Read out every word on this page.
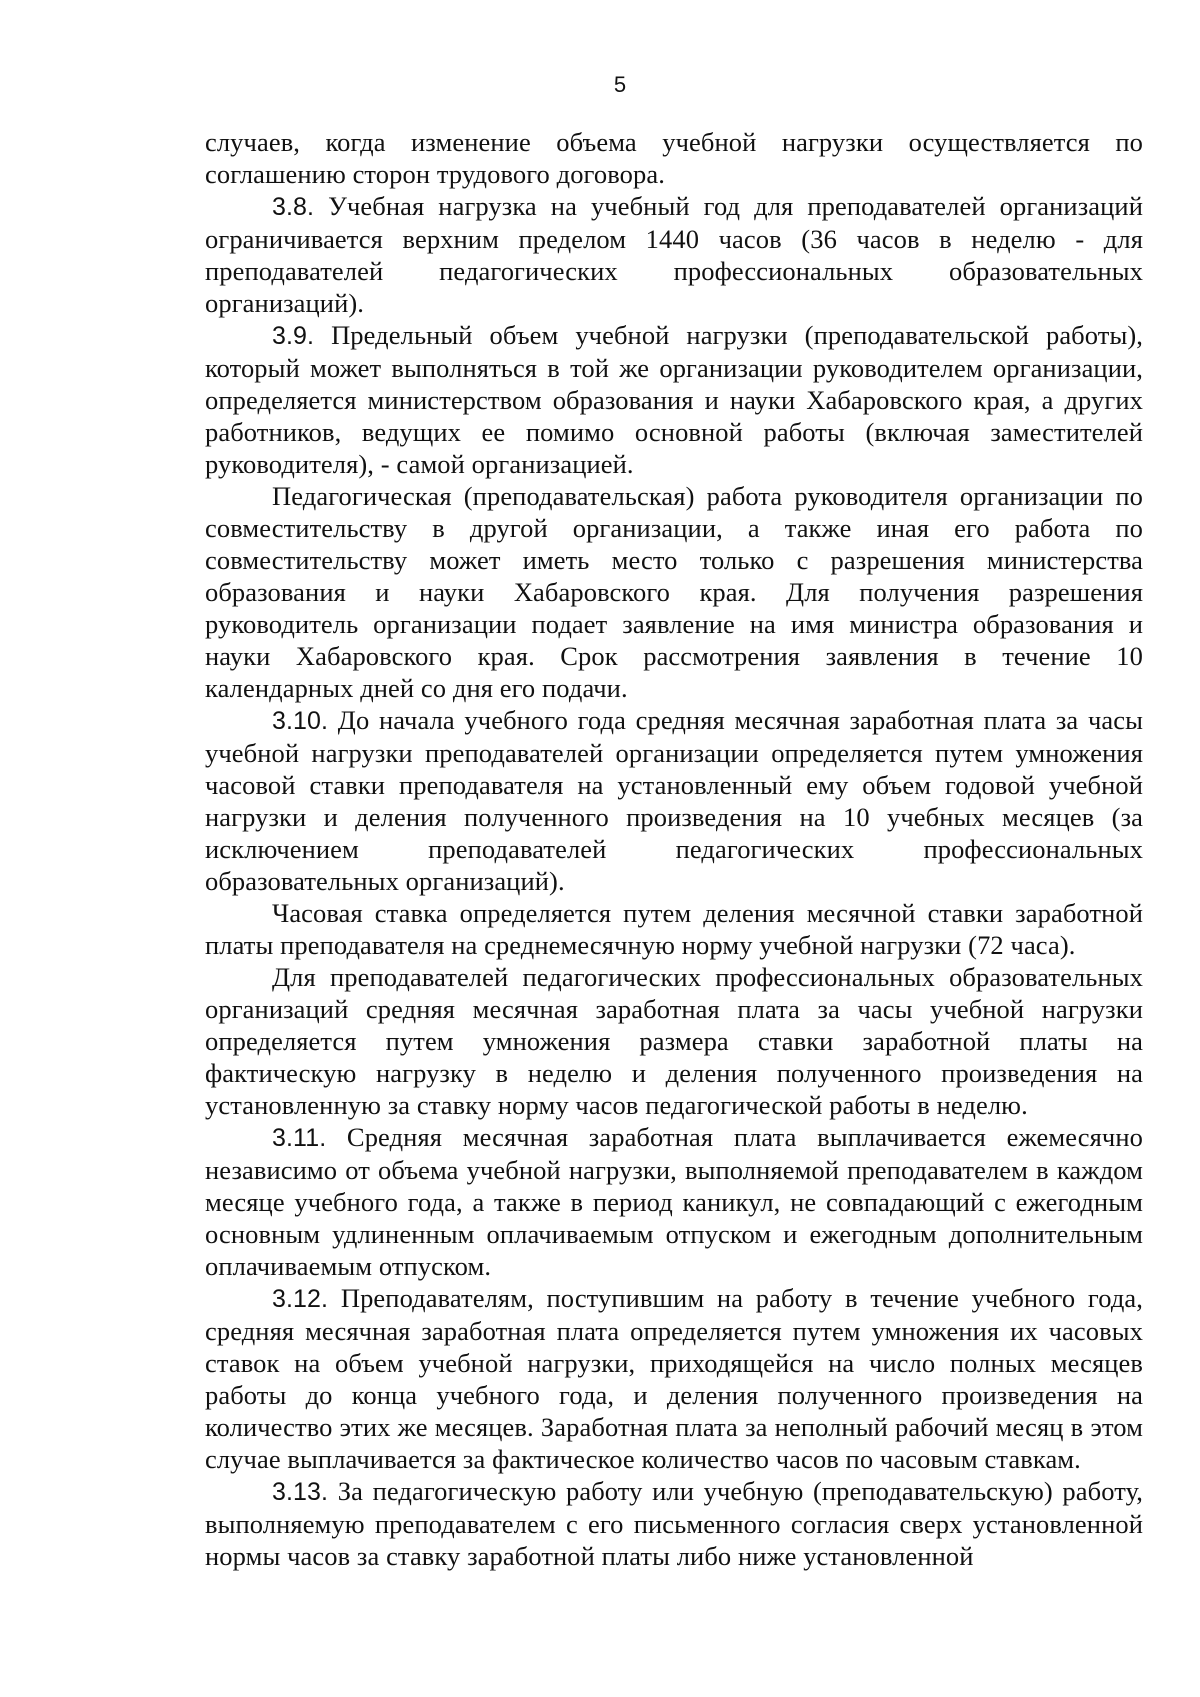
5

случаев, когда изменение объема учебной нагрузки осуществляется по соглашению сторон трудового договора.

3.8. Учебная нагрузка на учебный год для преподавателей организаций ограничивается верхним пределом 1440 часов (36 часов в неделю - для преподавателей педагогических профессиональных образовательных организаций).

3.9. Предельный объем учебной нагрузки (преподавательской работы), который может выполняться в той же организации руководителем организации, определяется министерством образования и науки Хабаровского края, а других работников, ведущих ее помимо основной работы (включая заместителей руководителя), - самой организацией.

Педагогическая (преподавательская) работа руководителя организации по совместительству в другой организации, а также иная его работа по совместительству может иметь место только с разрешения министерства образования и науки Хабаровского края. Для получения разрешения руководитель организации подает заявление на имя министра образования и науки Хабаровского края. Срок рассмотрения заявления в течение 10 календарных дней со дня его подачи.

3.10. До начала учебного года средняя месячная заработная плата за часы учебной нагрузки преподавателей организации определяется путем умножения часовой ставки преподавателя на установленный ему объем годовой учебной нагрузки и деления полученного произведения на 10 учебных месяцев (за исключением преподавателей педагогических профессиональных образовательных организаций).

Часовая ставка определяется путем деления месячной ставки заработной платы преподавателя на среднемесячную норму учебной нагрузки (72 часа).

Для преподавателей педагогических профессиональных образовательных организаций средняя месячная заработная плата за часы учебной нагрузки определяется путем умножения размера ставки заработной платы на фактическую нагрузку в неделю и деления полученного произведения на установленную за ставку норму часов педагогической работы в неделю.

3.11. Средняя месячная заработная плата выплачивается ежемесячно независимо от объема учебной нагрузки, выполняемой преподавателем в каждом месяце учебного года, а также в период каникул, не совпадающий с ежегодным основным удлиненным оплачиваемым отпуском и ежегодным дополнительным оплачиваемым отпуском.

3.12. Преподавателям, поступившим на работу в течение учебного года, средняя месячная заработная плата определяется путем умножения их часовых ставок на объем учебной нагрузки, приходящейся на число полных месяцев работы до конца учебного года, и деления полученного произведения на количество этих же месяцев. Заработная плата за неполный рабочий месяц в этом случае выплачивается за фактическое количество часов по часовым ставкам.

3.13. За педагогическую работу или учебную (преподавательскую) работу, выполняемую преподавателем с его письменного согласия сверх установленной нормы часов за ставку заработной платы либо ниже установленной
